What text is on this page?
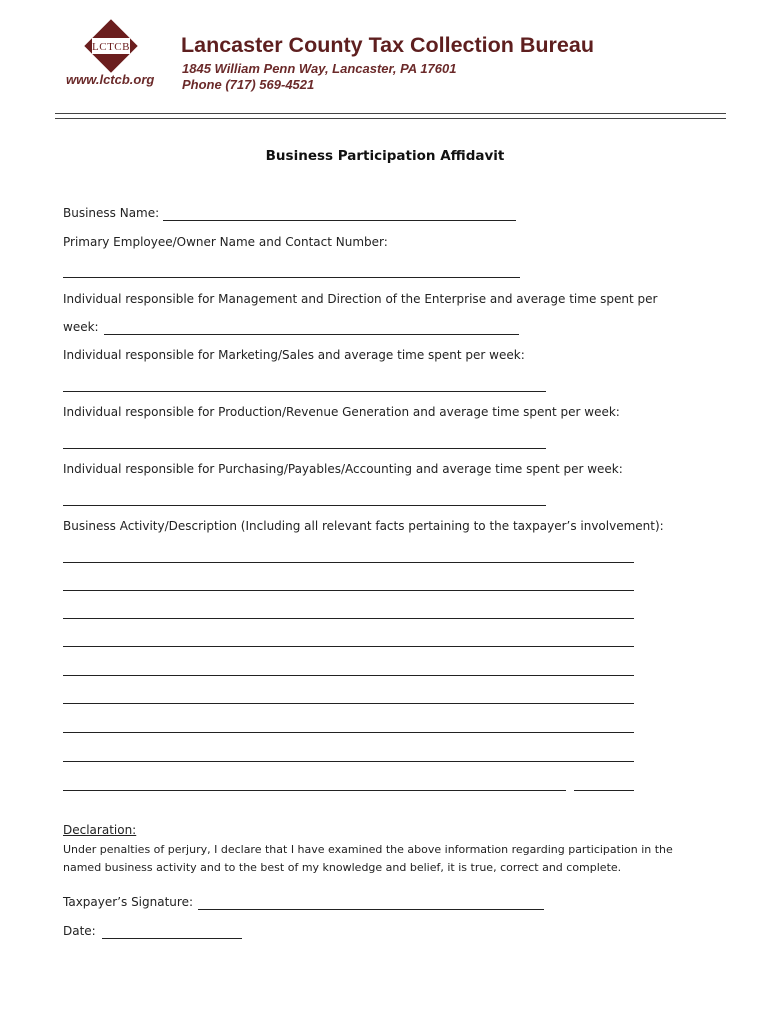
LCTCB
www.lctcb.org
Lancaster County Tax Collection Bureau
1845 William Penn Way, Lancaster, PA 17601
Phone (717) 569-4521
Business Participation Affidavit
Business Name:
Primary Employee/Owner Name and Contact Number:
Individual responsible for Management and Direction of the Enterprise and average time spent per
week:
Individual responsible for Marketing/Sales and average time spent per week:
Individual responsible for Production/Revenue Generation and average time spent per week:
Individual responsible for Purchasing/Payables/Accounting and average time spent per week:
Business Activity/Description (Including all relevant facts pertaining to the taxpayer’s involvement):
Declaration:
Under penalties of perjury, I declare that I have examined the above information regarding participation in the named business activity and to the best of my knowledge and belief, it is true, correct and complete.
Taxpayer’s Signature:
Date:
